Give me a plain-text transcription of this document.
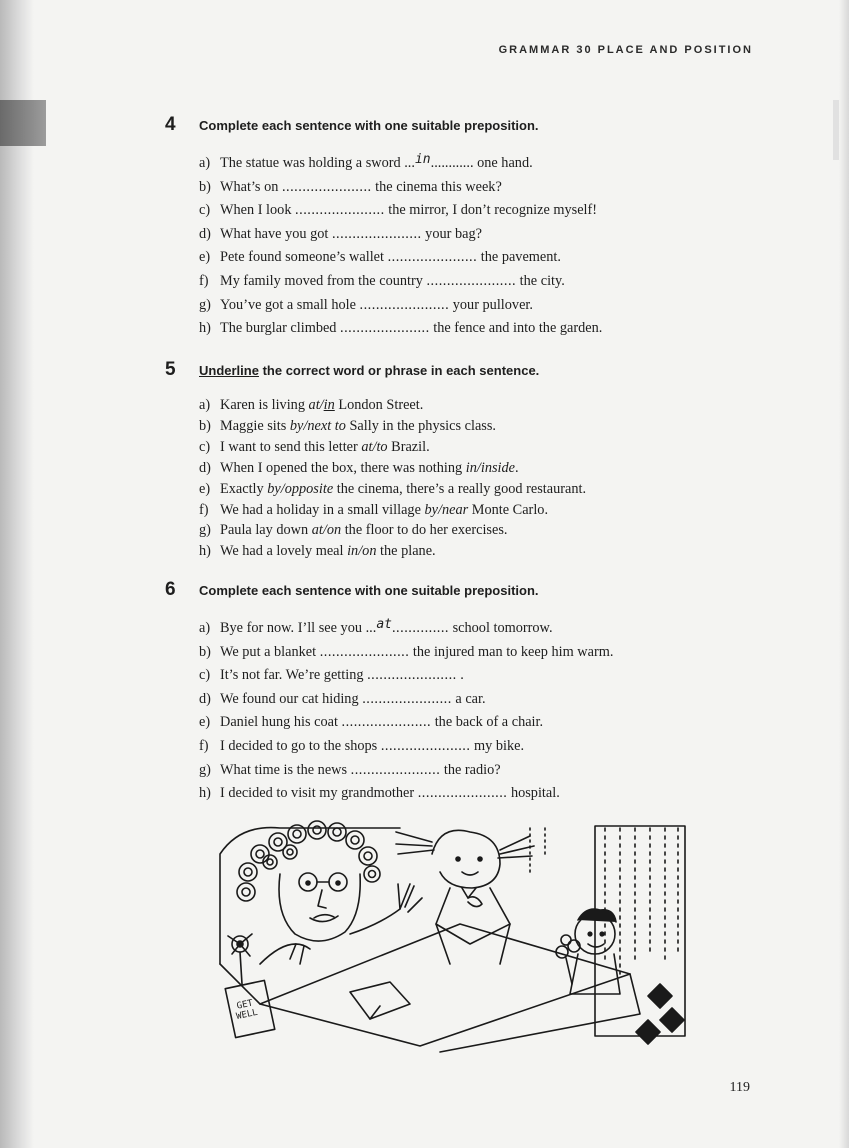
GRAMMAR 30 PLACE AND POSITION
4 Complete each sentence with one suitable preposition.
a) The statue was holding a sword ...in............ one hand.
b) What’s on ...................... the cinema this week?
c) When I look ...................... the mirror, I don’t recognize myself!
d) What have you got ...................... your bag?
e) Pete found someone’s wallet ...................... the pavement.
f) My family moved from the country ...................... the city.
g) You’ve got a small hole ...................... your pullover.
h) The burglar climbed ...................... the fence and into the garden.
5 Underline the correct word or phrase in each sentence.
a) Karen is living at/in London Street.
b) Maggie sits by/next to Sally in the physics class.
c) I want to send this letter at/to Brazil.
d) When I opened the box, there was nothing in/inside.
e) Exactly by/opposite the cinema, there’s a really good restaurant.
f) We had a holiday in a small village by/near Monte Carlo.
g) Paula lay down at/on the floor to do her exercises.
h) We had a lovely meal in/on the plane.
6 Complete each sentence with one suitable preposition.
a) Bye for now. I’ll see you ...at.............. school tomorrow.
b) We put a blanket ...................... the injured man to keep him warm.
c) It’s not far. We’re getting ...................... .
d) We found our cat hiding ...................... a car.
e) Daniel hung his coat ...................... the back of a chair.
f) I decided to go to the shops ...................... my bike.
g) What time is the news ...................... the radio?
h) I decided to visit my grandmother ...................... hospital.
GET WELL
119
